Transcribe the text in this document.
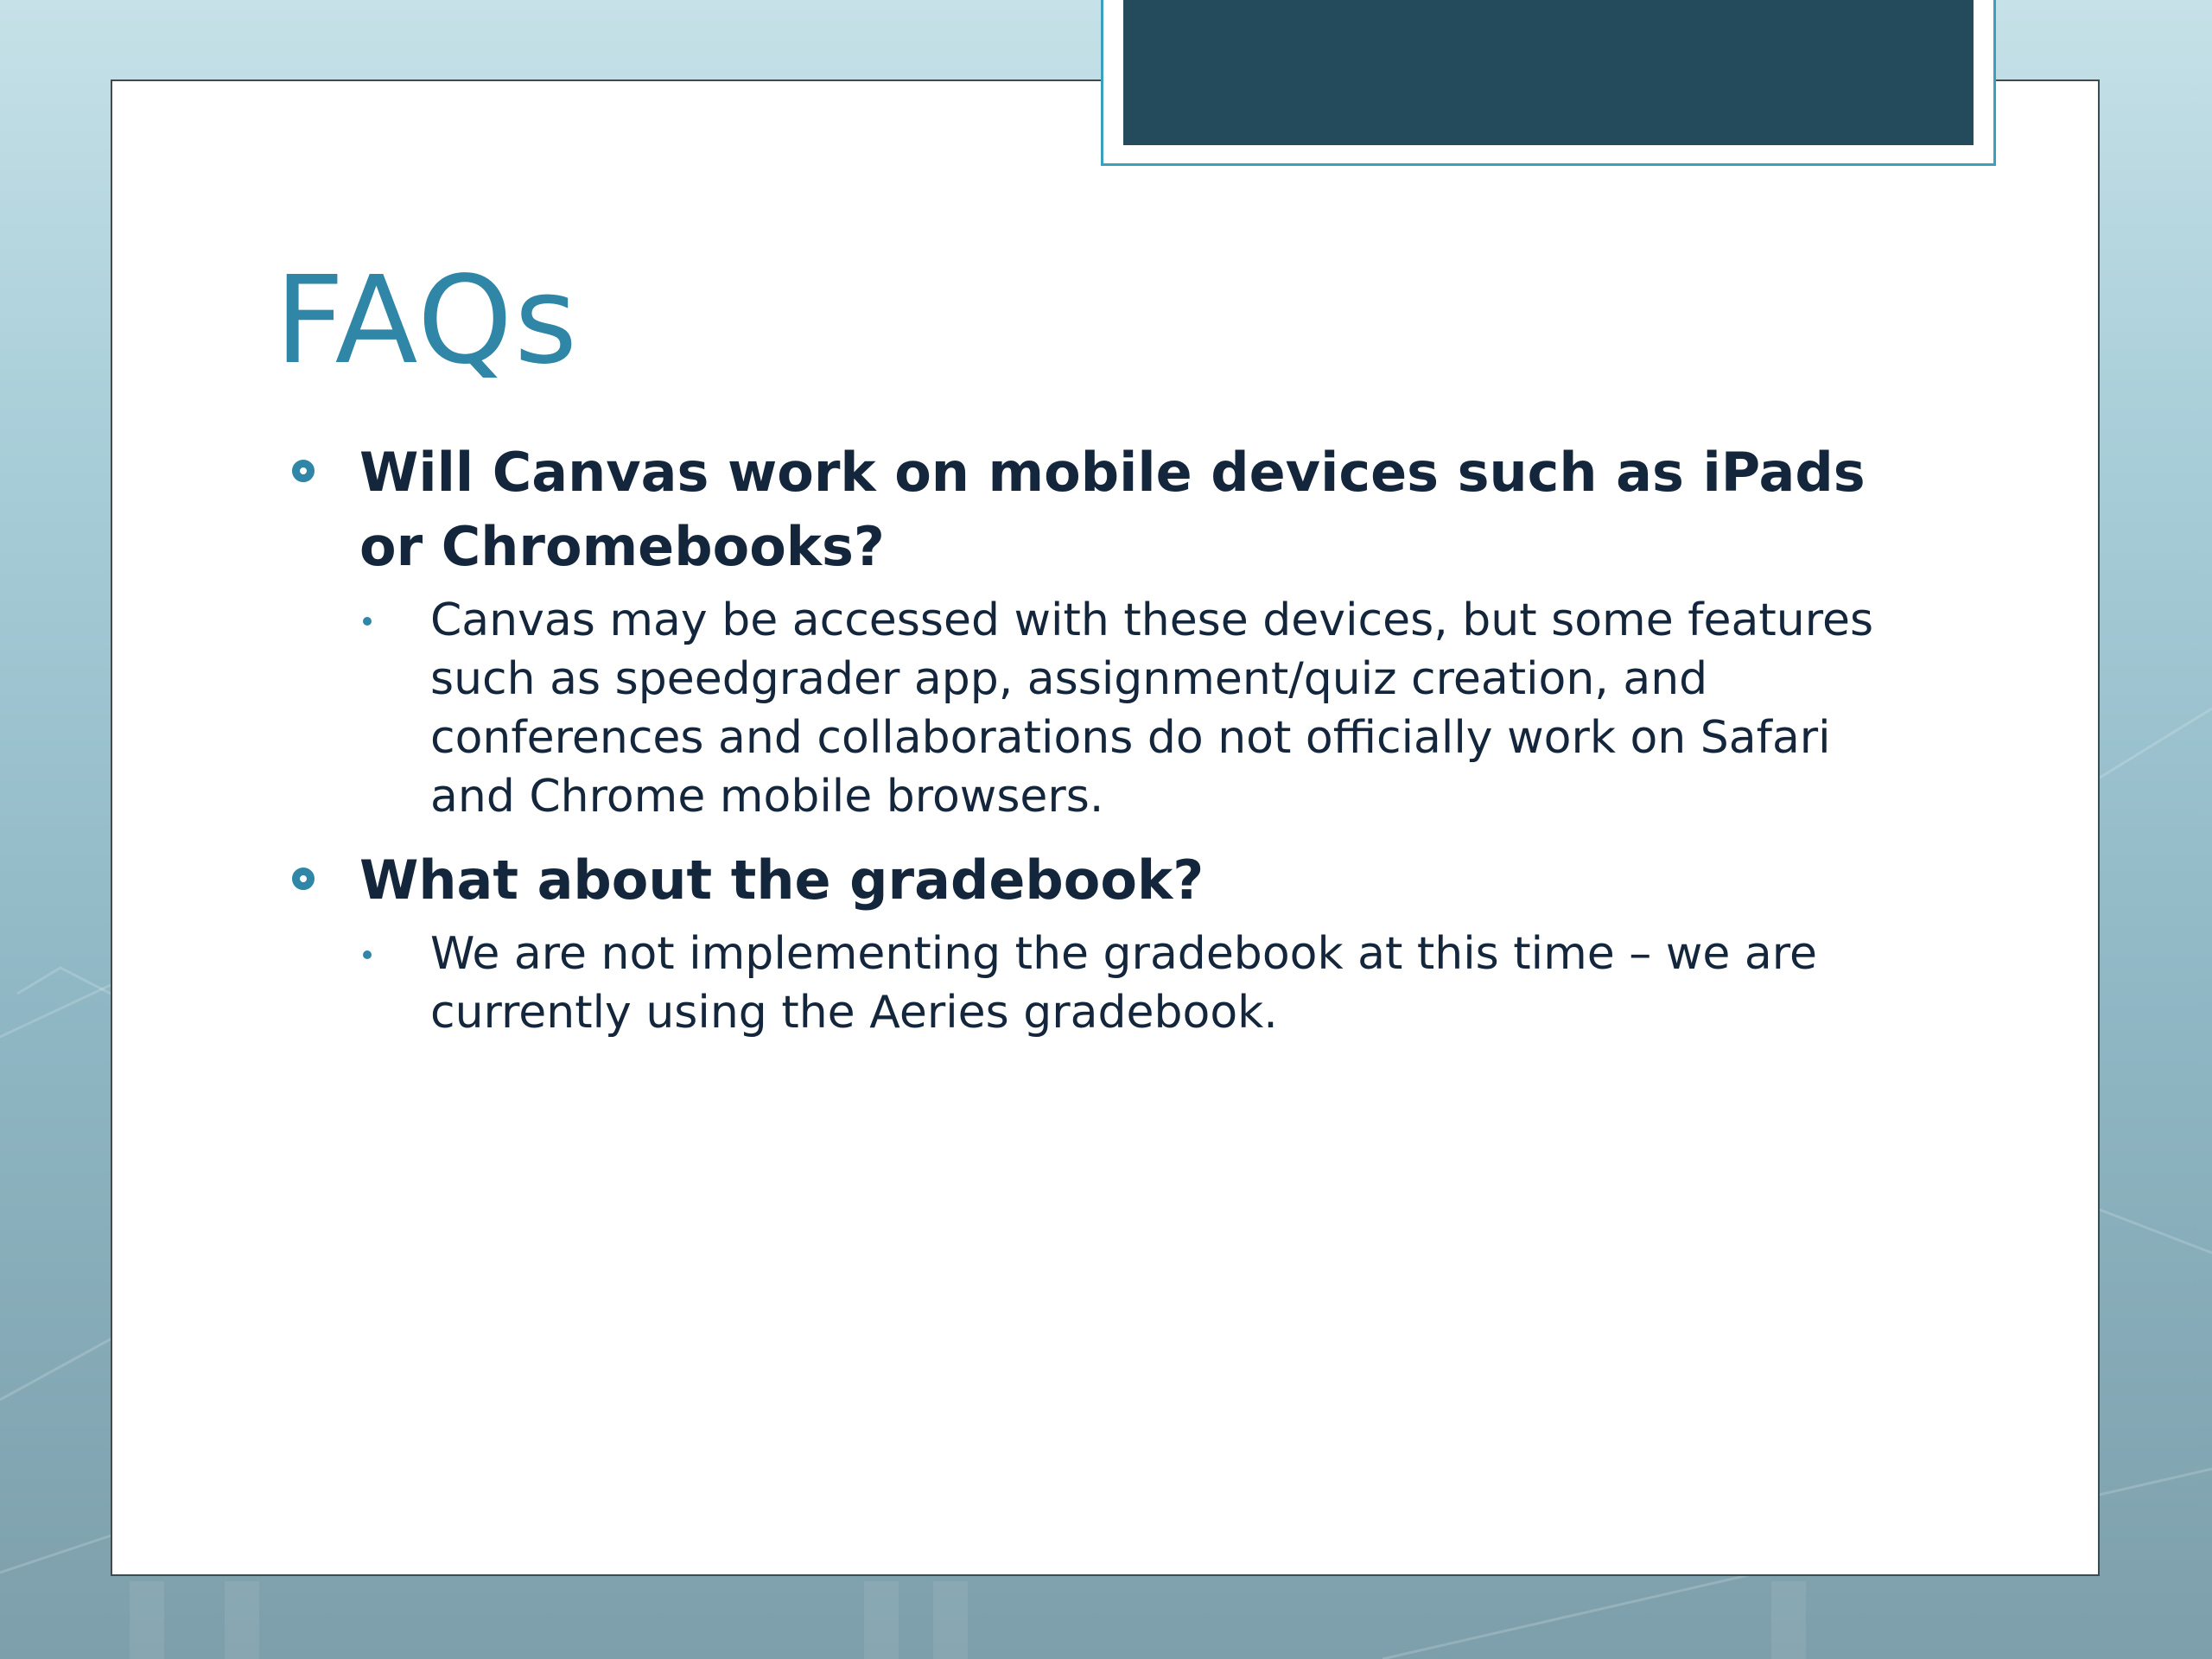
FAQs
Will Canvas work on mobile devices such as iPads or Chromebooks?
Canvas may be accessed with these devices, but some features such as speedgrader app, assignment/quiz creation, and conferences and collaborations do not officially work on Safari and Chrome mobile browsers.
What about the gradebook?
We are not implementing the gradebook at this time – we are currently using the Aeries gradebook.
